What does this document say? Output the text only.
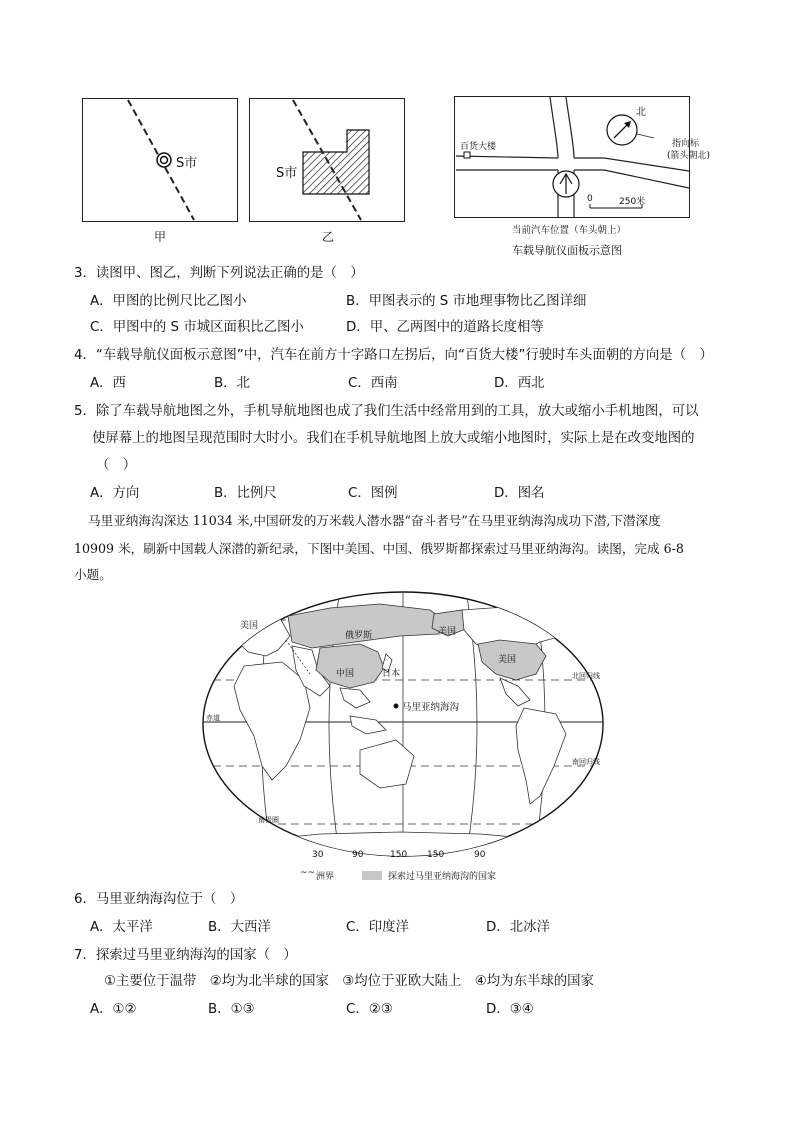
S市
甲
S市
乙
北
百货大楼	指向标
(箭头朝北)
0	250米
当前汽车位置（车头朝上）
车载导航仪面板示意图
3．读图甲、图乙，判断下列说法正确的是（　）
A．甲图的比例尺比乙图小	B．甲图表示的 S 市地理事物比乙图详细
C．甲图中的 S 市城区面积比乙图小	D．甲、乙两图中的道路长度相等
4．“车载导航仪面板示意图”中，汽车在前方十字路口左拐后，向“百货大楼”行驶时车头面朝的方向是（　）
A．西	B．北	C．西南	D．西北
5．除了车载导航地图之外，手机导航地图也成了我们生活中经常用到的工具，放大或缩小手机地图，可以
使屏幕上的地图呈现范围时大时小。我们在手机导航地图上放大或缩小地图时，实际上是在改变地图的
（　）
A．方向	B．比例尺	C．图例	D．图名
马里亚纳海沟深达 11034 米,中国研发的万米载人潜水器“奋斗者号”在马里亚纳海沟成功下潜,下潜深度
10909 米，刷新中国载人深潜的新纪录，下图中美国、中国、俄罗斯都探索过马里亚纳海沟。读图，完成 6-8
小题。
美国
俄罗斯	美国
美国
中国	日本
马里亚纳海沟
赤道
北回归线
南回归线
南极圈
30	90	150 150	90
~~ 洲界	探索过马里亚纳海沟的国家
6．马里亚纳海沟位于（　）
A．太平洋	B．大西洋	C．印度洋	D．北冰洋
7．探索过马里亚纳海沟的国家（　）
①主要位于温带　②均为北半球的国家　③均位于亚欧大陆上　④均为东半球的国家
A．①②	B．①③	C．②③	D．③④
